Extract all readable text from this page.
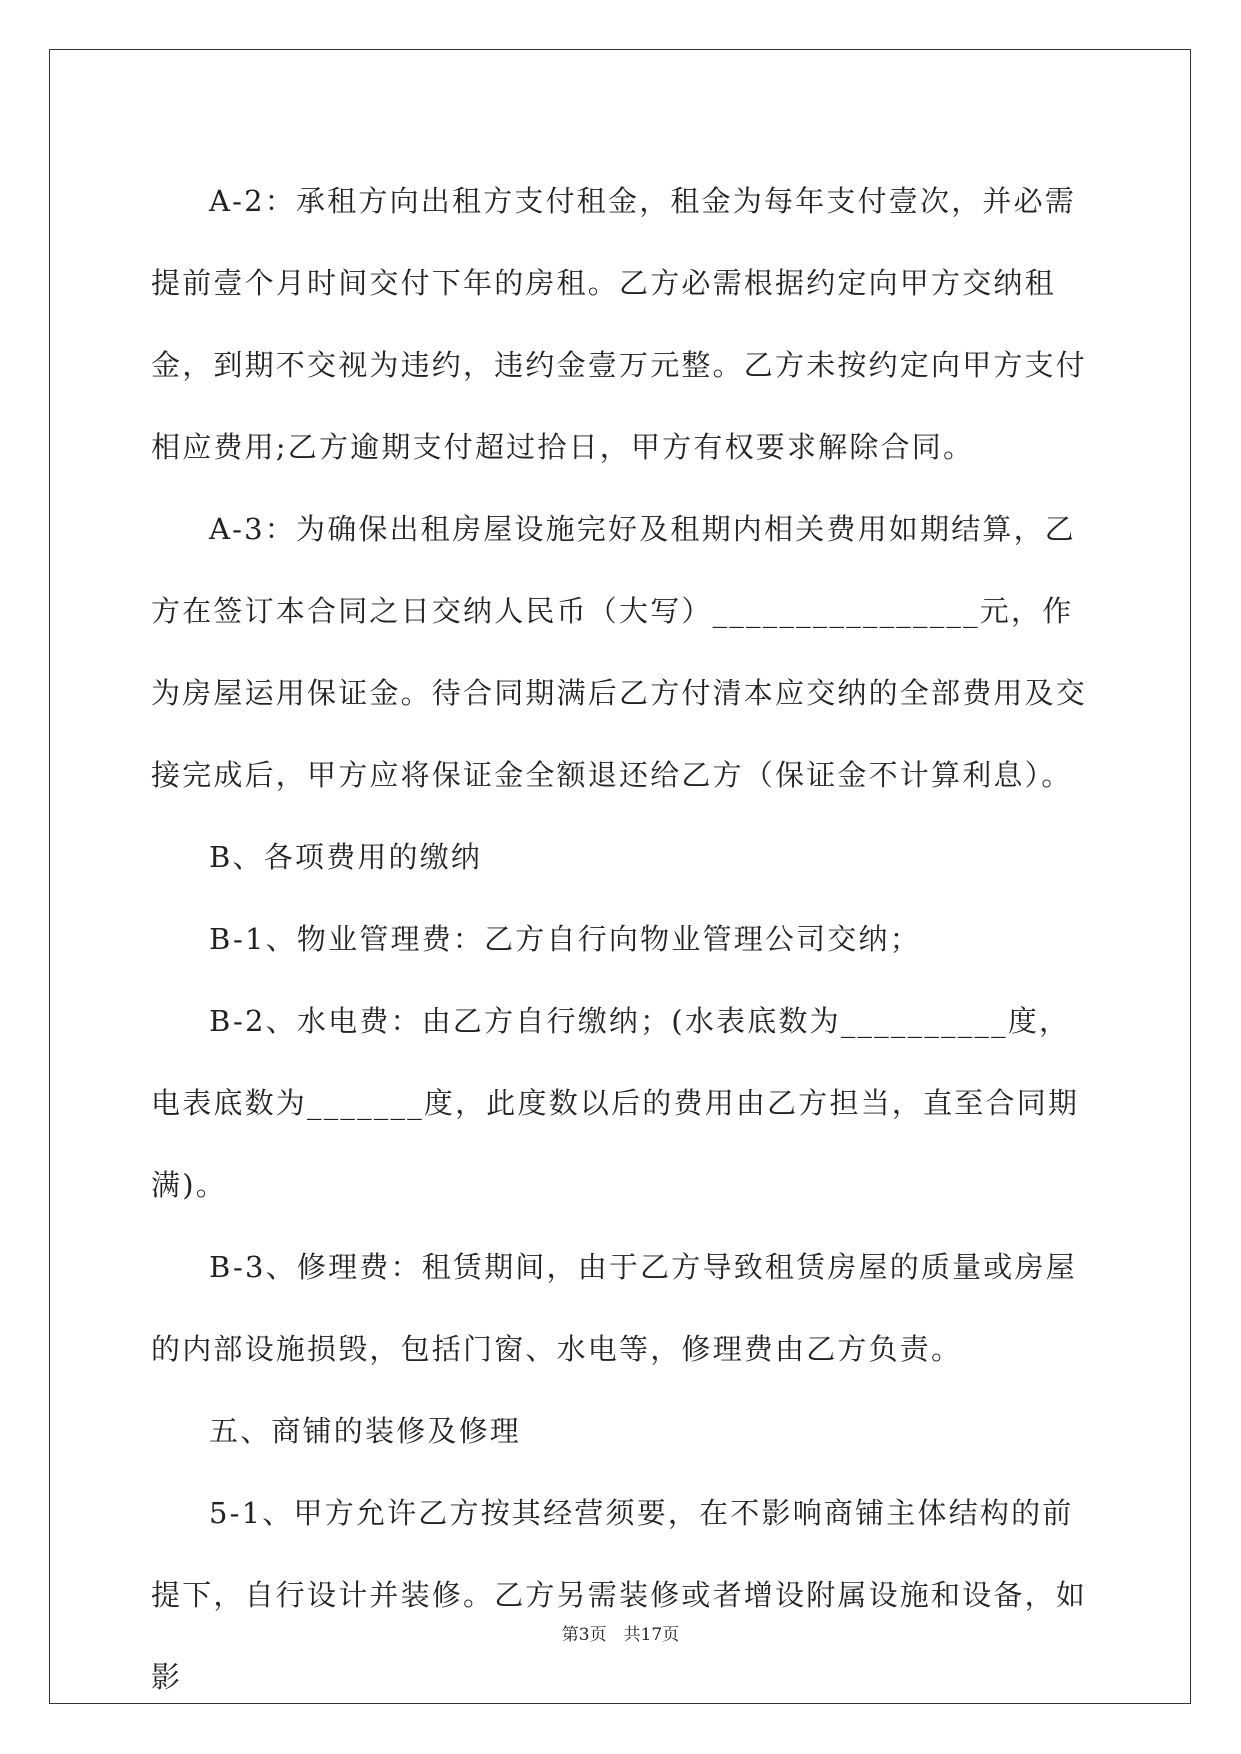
A-2：承租方向出租方支付租金，租金为每年支付壹次，并必需提前壹个月时间交付下年的房租。乙方必需根据约定向甲方交纳租金，到期不交视为违约，违约金壹万元整。乙方未按约定向甲方支付相应费用;乙方逾期支付超过拾日，甲方有权要求解除合同。

A-3：为确保出租房屋设施完好及租期内相关费用如期结算，乙方在签订本合同之日交纳人民币（大写）________________元，作为房屋运用保证金。待合同期满后乙方付清本应交纳的全部费用及交接完成后，甲方应将保证金全额退还给乙方（保证金不计算利息）。

B、各项费用的缴纳

B-1、物业管理费：乙方自行向物业管理公司交纳；

B-2、水电费：由乙方自行缴纳；(水表底数为__________度，电表底数为_______度，此度数以后的费用由乙方担当，直至合同期满)。

B-3、修理费：租赁期间，由于乙方导致租赁房屋的质量或房屋的内部设施损毁，包括门窗、水电等，修理费由乙方负责。

五、商铺的装修及修理

5-1、甲方允许乙方按其经营须要，在不影响商铺主体结构的前提下，自行设计并装修。乙方另需装修或者增设附属设施和设备，如影

第3页　共17页
